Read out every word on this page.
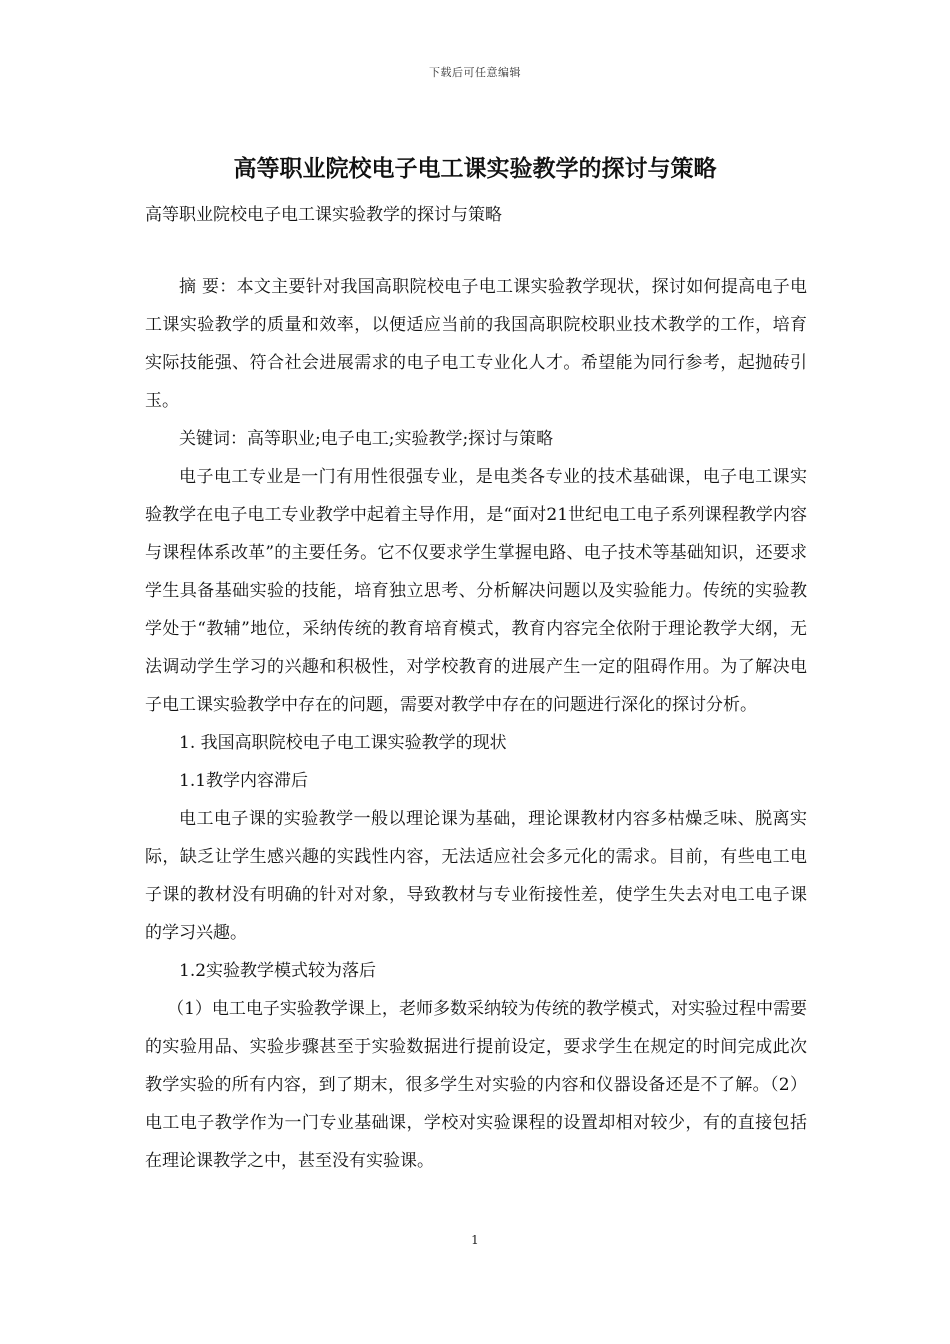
下载后可任意编辑
高等职业院校电子电工课实验教学的探讨与策略
高等职业院校电子电工课实验教学的探讨与策略

摘 要：本文主要针对我国高职院校电子电工课实验教学现状，探讨如何提高电子电工课实验教学的质量和效率，以便适应当前的我国高职院校职业技术教学的工作，培育实际技能强、符合社会进展需求的电子电工专业化人才。希望能为同行参考，起抛砖引玉。

关键词：高等职业;电子电工;实验教学;探讨与策略

电子电工专业是一门有用性很强专业，是电类各专业的技术基础课，电子电工课实验教学在电子电工专业教学中起着主导作用，是“面对21世纪电工电子系列课程教学内容与课程体系改革”的主要任务。它不仅要求学生掌握电路、电子技术等基础知识，还要求学生具备基础实验的技能，培育独立思考、分析解决问题以及实验能力。传统的实验教学处于“教辅”地位，采纳传统的教育培育模式，教育内容完全依附于理论教学大纲，无法调动学生学习的兴趣和积极性，对学校教育的进展产生一定的阻碍作用。为了解决电子电工课实验教学中存在的问题，需要对教学中存在的问题进行深化的探讨分析。

1. 我国高职院校电子电工课实验教学的现状

1.1教学内容滞后

电工电子课的实验教学一般以理论课为基础，理论课教材内容多枯燥乏味、脱离实际，缺乏让学生感兴趣的实践性内容，无法适应社会多元化的需求。目前，有些电工电子课的教材没有明确的针对对象，导致教材与专业衔接性差，使学生失去对电工电子课的学习兴趣。

1.2实验教学模式较为落后

（1）电工电子实验教学课上，老师多数采纳较为传统的教学模式，对实验过程中需要的实验用品、实验步骤甚至于实验数据进行提前设定，要求学生在规定的时间完成此次教学实验的所有内容，到了期末，很多学生对实验的内容和仪器设备还是不了解。（2）电工电子教学作为一门专业基础课，学校对实验课程的设置却相对较少，有的直接包括在理论课教学之中，甚至没有实验课。

1
